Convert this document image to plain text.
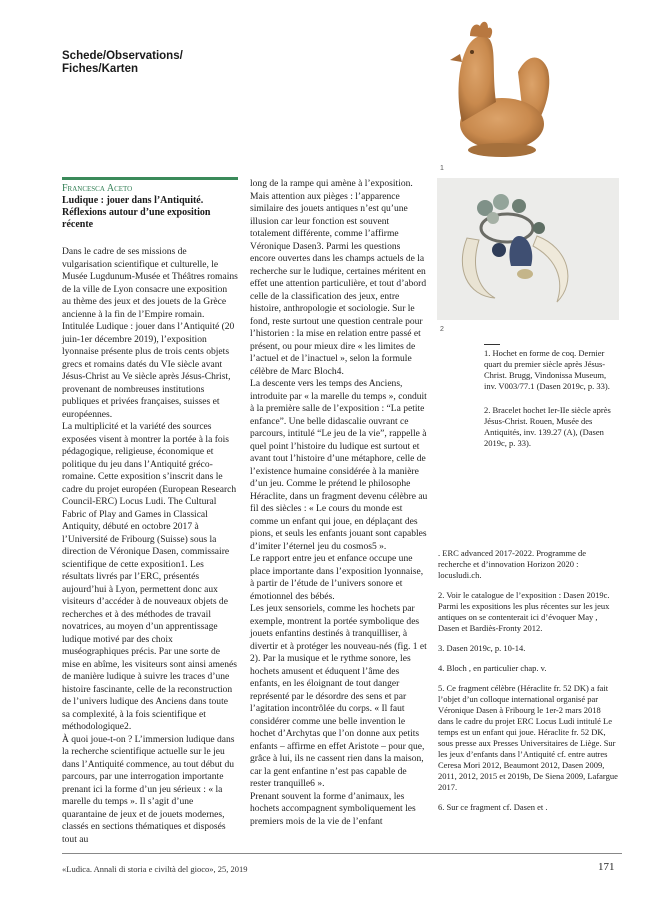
Schede/Observations/
Fiches/Karten
1
2

1. Hochet en forme de coq. Dernier quart du premier siècle après Jésus-Christ. Brugg, Vindonissa Museum, inv. V003/77.1 (Dasen 2019c, p. 33).

2. Bracelet hochet Ier-IIe siècle après Jésus-Christ. Rouen, Musée des Antiquités, inv. 139.27 (A), (Dasen 2019c, p. 33).

Francesca Aceto
Ludique : jouer dans l’Antiquité. Réflexions autour d’une exposition récente

Dans le cadre de ses missions de vulgarisation scientifique et culturelle, le Musée Lugdunum-Musée et Théâtres romains de la ville de Lyon consacre une exposition au thème des jeux et des jouets de la Grèce ancienne à la fin de l’Empire romain. Intitulée Ludique : jouer dans l’Antiquité (20 juin-1er décembre 2019), l’exposition lyonnaise présente plus de trois cents objets grecs et romains datés du VIe siècle avant Jésus-Christ au Ve siècle après Jésus-Christ, provenant de nombreuses institutions publiques et privées françaises, suisses et européennes.

La multiplicité et la variété des sources exposées visent à montrer la portée à la fois pédagogique, religieuse, économique et politique du jeu dans l’Antiquité gréco-romaine. Cette exposition s’inscrit dans le cadre du projet européen (European Research Council-ERC) Locus Ludi. The Cultural Fabric of Play and Games in Classical Antiquity, débuté en octobre 2017 à l’Université de Fribourg (Suisse) sous la direction de Véronique Dasen, commissaire scientifique de cette exposition1. Les résultats livrés par l’ERC, présentés aujourd’hui à Lyon, permettent donc aux visiteurs d’accéder à de nouveaux objets de recherches et à des méthodes de travail novatrices, au moyen d’un apprentissage ludique motivé par des choix muséographiques précis. Par une sorte de mise en abîme, les visiteurs sont ainsi amenés de manière ludique à suivre les traces d’une histoire fascinante, celle de la reconstruction de l’univers ludique des Anciens dans toute sa complexité, à la fois scientifique et méthodologique2.

À quoi joue-t-on ? L’immersion ludique dans la recherche scientifique actuelle sur le jeu dans l’Antiquité commence, au tout début du parcours, par une interrogation importante prenant ici la forme d’un jeu sérieux : « la marelle du temps ». Il s’agit d’une quarantaine de jeux et de jouets modernes, classés en sections thématiques et disposés tout au

long de la rampe qui amène à l’exposition. Mais attention aux pièges : l’apparence similaire des jouets antiques n’est qu’une illusion car leur fonction est souvent totalement différente, comme l’affirme Véronique Dasen3. Parmi les questions encore ouvertes dans les champs actuels de la recherche sur le ludique, certaines méritent en effet une attention particulière, et tout d’abord celle de la classification des jeux, entre histoire, anthropologie et sociologie. Sur le fond, reste surtout une question centrale pour l’historien : la mise en relation entre passé et présent, ou pour mieux dire « les limites de l’actuel et de l’inactuel », selon la formule célèbre de Marc Bloch4.

La descente vers les temps des Anciens, introduite par « la marelle du temps », conduit à la première salle de l’exposition : “La petite enfance”. Une belle didascalie ouvrant ce parcours, intitulé “Le jeu de la vie”, rappelle à quel point l’histoire du ludique est surtout et avant tout l’histoire d’une métaphore, celle de l’existence humaine considérée à la manière d’un jeu. Comme le prétend le philosophe Héraclite, dans un fragment devenu célèbre au fil des siècles : « Le cours du monde est comme un enfant qui joue, en déplaçant des pions, et seuls les enfants jouant sont capables d’imiter l’éternel jeu du cosmos5 ».

Le rapport entre jeu et enfance occupe une place importante dans l’exposition lyonnaise, à partir de l’étude de l’univers sonore et émotionnel des bébés.

Les jeux sensoriels, comme les hochets par exemple, montrent la portée symbolique des jouets enfantins destinés à tranquilliser, à divertir et à protéger les nouveau-nés (fig. 1 et 2). Par la musique et le rythme sonore, les hochets amusent et éduquent l’âme des enfants, en les éloignant de tout danger représenté par le désordre des sens et par l’agitation incontrôlée du corps. « Il faut considérer comme une belle invention le hochet d’Archytas que l’on donne aux petits enfants – affirme en effet Aristote – pour que, grâce à lui, ils ne cassent rien dans la maison, car la gent enfantine n’est pas capable de rester tranquille6 ».

Prenant souvent la forme d’animaux, les hochets accompagnent symboliquement les premiers mois de la vie de l’enfant

. ERC advanced 2017-2022. Programme de recherche et d’innovation Horizon 2020 : locusludi.ch.

2. Voir le catalogue de l’exposition : Dasen 2019c. Parmi les expositions les plus récentes sur les jeux antiques on se contenterait ici d’évoquer May , Dasen et Bardiès-Fronty 2012.

3. Dasen 2019c, p. 10-14.

4. Bloch , en particulier chap. v.

5. Ce fragment célèbre (Héraclite fr. 52 DK) a fait l’objet d’un colloque international organisé par Véronique Dasen à Fribourg le 1er-2 mars 2018 dans le cadre du projet ERC Locus Ludi intitulé Le temps est un enfant qui joue. Héraclite fr. 52 DK, sous presse aux Presses Universitaires de Liège. Sur les jeux d’enfants dans l’Antiquité cf. entre autres Ceresa Mori 2012, Beaumont 2012, Dasen 2009, 2011, 2012, 2015 et 2019b, De Siena 2009, Lafargue 2017.

6. Sur ce fragment cf. Dasen et .

«Ludica. Annali di storia e civiltà del gioco», 25, 2019	171
